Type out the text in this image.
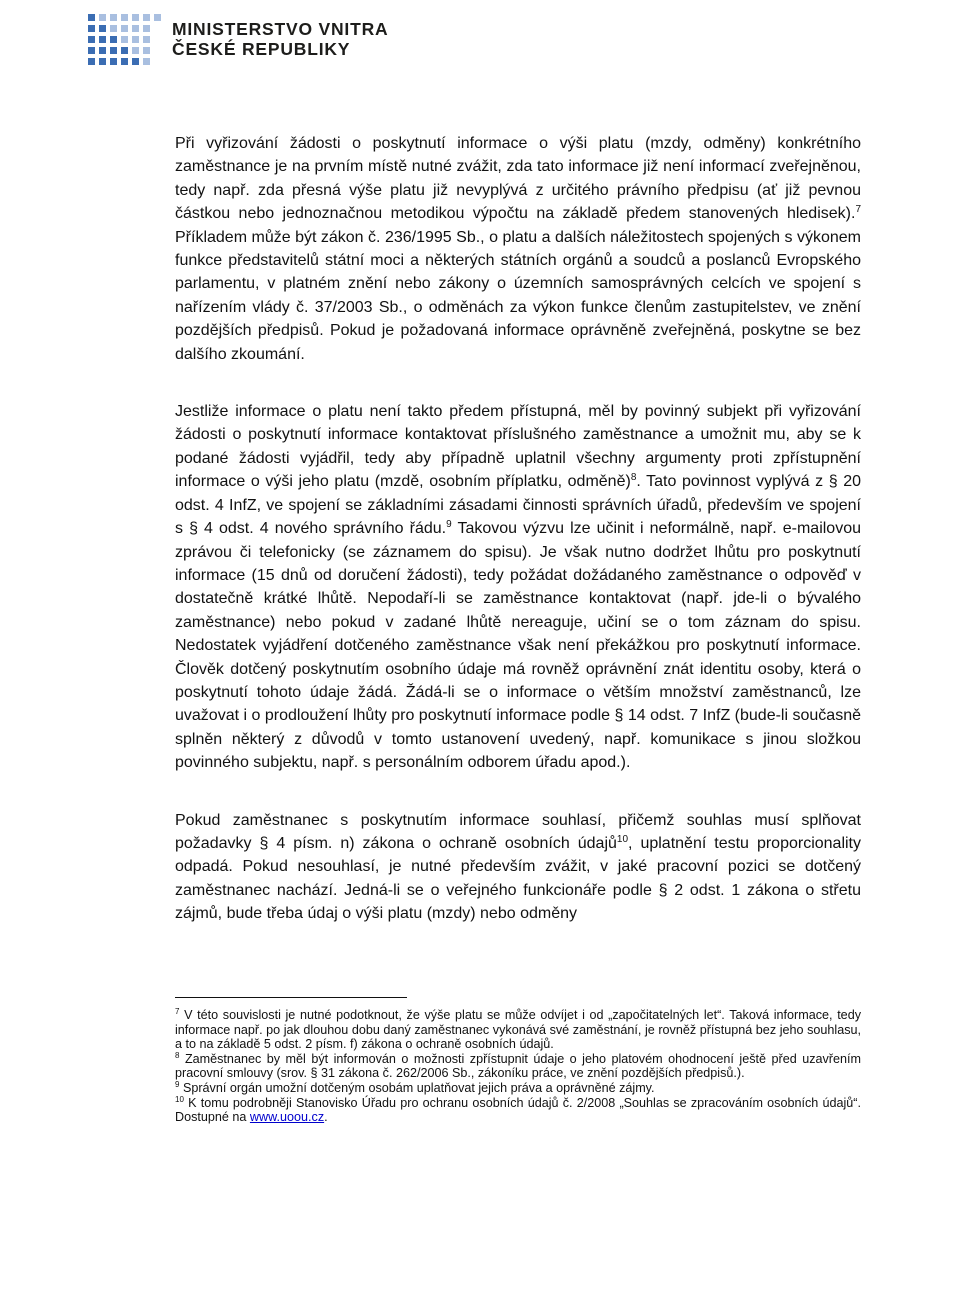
MINISTERSTVO VNITRA
ČESKÉ REPUBLIKY

Při vyřizování žádosti o poskytnutí informace o výši platu (mzdy, odměny) konkrétního zaměstnance je na prvním místě nutné zvážit, zda tato informace již není informací zveřejněnou, tedy např. zda přesná výše platu již nevyplývá z určitého právního předpisu (ať již pevnou částkou nebo jednoznačnou metodikou výpočtu na základě předem stanovených hledisek).$^7$ Příkladem může být zákon č. 236/1995 Sb., o platu a dalších náležitostech spojených s výkonem funkce představitelů státní moci a některých státních orgánů a soudců a poslanců Evropského parlamentu, v platném znění nebo zákony o územních samosprávných celcích ve spojení s nařízením vlády č. 37/2003 Sb., o odměnách za výkon funkce členům zastupitelstev, ve znění pozdějších předpisů. Pokud je požadovaná informace oprávněně zveřejněná, poskytne se bez dalšího zkoumání.

Jestliže informace o platu není takto předem přístupná, měl by povinný subjekt při vyřizování žádosti o poskytnutí informace kontaktovat příslušného zaměstnance a umožnit mu, aby se k podané žádosti vyjádřil, tedy aby případně uplatnil všechny argumenty proti zpřístupnění informace o výši jeho platu (mzdě, osobním příplatku, odměně)$^8$. Tato povinnost vyplývá z § 20 odst. 4 InfZ, ve spojení se základními zásadami činnosti správních úřadů, především ve spojení s § 4 odst. 4 nového správního řádu.$^9$ Takovou výzvu lze učinit i neformálně, např. e-mailovou zprávou či telefonicky (se záznamem do spisu). Je však nutno dodržet lhůtu pro poskytnutí informace (15 dnů od doručení žádosti), tedy požádat dožádaného zaměstnance o odpověď v dostatečně krátké lhůtě. Nepodaří-li se zaměstnance kontaktovat (např. jde-li o bývalého zaměstnance) nebo pokud v zadané lhůtě nereaguje, učiní se o tom záznam do spisu. Nedostatek vyjádření dotčeného zaměstnance však není překážkou pro poskytnutí informace. Člověk dotčený poskytnutím osobního údaje má rovněž oprávnění znát identitu osoby, která o poskytnutí tohoto údaje žádá. Žádá-li se o informace o větším množství zaměstnanců, lze uvažovat i o prodloužení lhůty pro poskytnutí informace podle § 14 odst. 7 InfZ (bude-li současně splněn některý z důvodů v tomto ustanovení uvedený, např. komunikace s jinou složkou povinného subjektu, např. s personálním odborem úřadu apod.).

Pokud zaměstnanec s poskytnutím informace souhlasí, přičemž souhlas musí splňovat požadavky § 4 písm. n) zákona o ochraně osobních údajů$^{10}$, uplatnění testu proporcionality odpadá. Pokud nesouhlasí, je nutné především zvážit, v jaké pracovní pozici se dotčený zaměstnanec nachází. Jedná-li se o veřejného funkcionáře podle § 2 odst. 1 zákona o střetu zájmů, bude třeba údaj o výši platu (mzdy) nebo odměny

$^7$ V této souvislosti je nutné podotknout, že výše platu se může odvíjet i od „započitatelných let“. Taková informace, tedy informace např. po jak dlouhou dobu daný zaměstnanec vykonává své zaměstnání, je rovněž přístupná bez jeho souhlasu, a to na základě 5 odst. 2 písm. f) zákona o ochraně osobních údajů.

$^8$ Zaměstnanec by měl být informován o možnosti zpřístupnit údaje o jeho platovém ohodnocení ještě před uzavřením pracovní smlouvy (srov. § 31 zákona č. 262/2006 Sb., zákoníku práce, ve znění pozdějších předpisů.).

$^9$ Správní orgán umožní dotčeným osobám uplatňovat jejich práva a oprávněné zájmy.

$^{10}$ K tomu podrobněji Stanovisko Úřadu pro ochranu osobních údajů č. 2/2008 „Souhlas se zpracováním osobních údajů“. Dostupné na www.uoou.cz.
